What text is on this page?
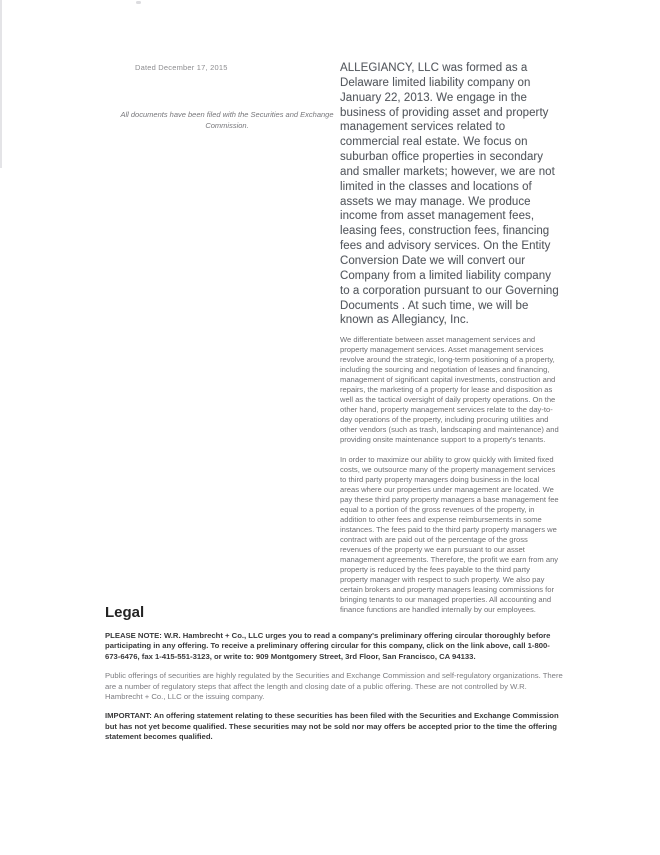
Dated December 17, 2015
All documents have been filed with the Securities and Exchange Commission.

ALLEGIANCY, LLC was formed as a Delaware limited liability company on January 22, 2013. We engage in the business of providing asset and property management services related to commercial real estate. We focus on suburban office properties in secondary and smaller markets; however, we are not limited in the classes and locations of assets we may manage. We produce income from asset management fees, leasing fees, construction fees, financing fees and advisory services. On the Entity Conversion Date we will convert our Company from a limited liability company to a corporation pursuant to our Governing Documents . At such time, we will be known as Allegiancy, Inc.

We differentiate between asset management services and property management services. Asset management services revolve around the strategic, long-term positioning of a property, including the sourcing and negotiation of leases and financing, management of significant capital investments, construction and repairs, the marketing of a property for lease and disposition as well as the tactical oversight of daily property operations. On the other hand, property management services relate to the day-to-day operations of the property, including procuring utilities and other vendors (such as trash, landscaping and maintenance) and providing onsite maintenance support to a property's tenants.

In order to maximize our ability to grow quickly with limited fixed costs, we outsource many of the property management services to third party property managers doing business in the local areas where our properties under management are located. We pay these third party property managers a base management fee equal to a portion of the gross revenues of the property, in addition to other fees and expense reimbursements in some instances. The fees paid to the third party property managers we contract with are paid out of the percentage of the gross revenues of the property we earn pursuant to our asset management agreements. Therefore, the profit we earn from any property is reduced by the fees payable to the third party property manager with respect to such property. We also pay certain brokers and property managers leasing commissions for bringing tenants to our managed properties. All accounting and finance functions are handled internally by our employees.

Legal

PLEASE NOTE: W.R. Hambrecht + Co., LLC urges you to read a company's preliminary offering circular thoroughly before participating in any offering. To receive a preliminary offering circular for this company, click on the link above, call 1-800-673-6476, fax 1-415-551-3123, or write to: 909 Montgomery Street, 3rd Floor, San Francisco, CA 94133.

Public offerings of securities are highly regulated by the Securities and Exchange Commission and self-regulatory organizations. There are a number of regulatory steps that affect the length and closing date of a public offering. These are not controlled by W.R. Hambrecht + Co., LLC or the issuing company.

IMPORTANT: An offering statement relating to these securities has been filed with the Securities and Exchange Commission but has not yet become qualified. These securities may not be sold nor may offers be accepted prior to the time the offering statement becomes qualified.
